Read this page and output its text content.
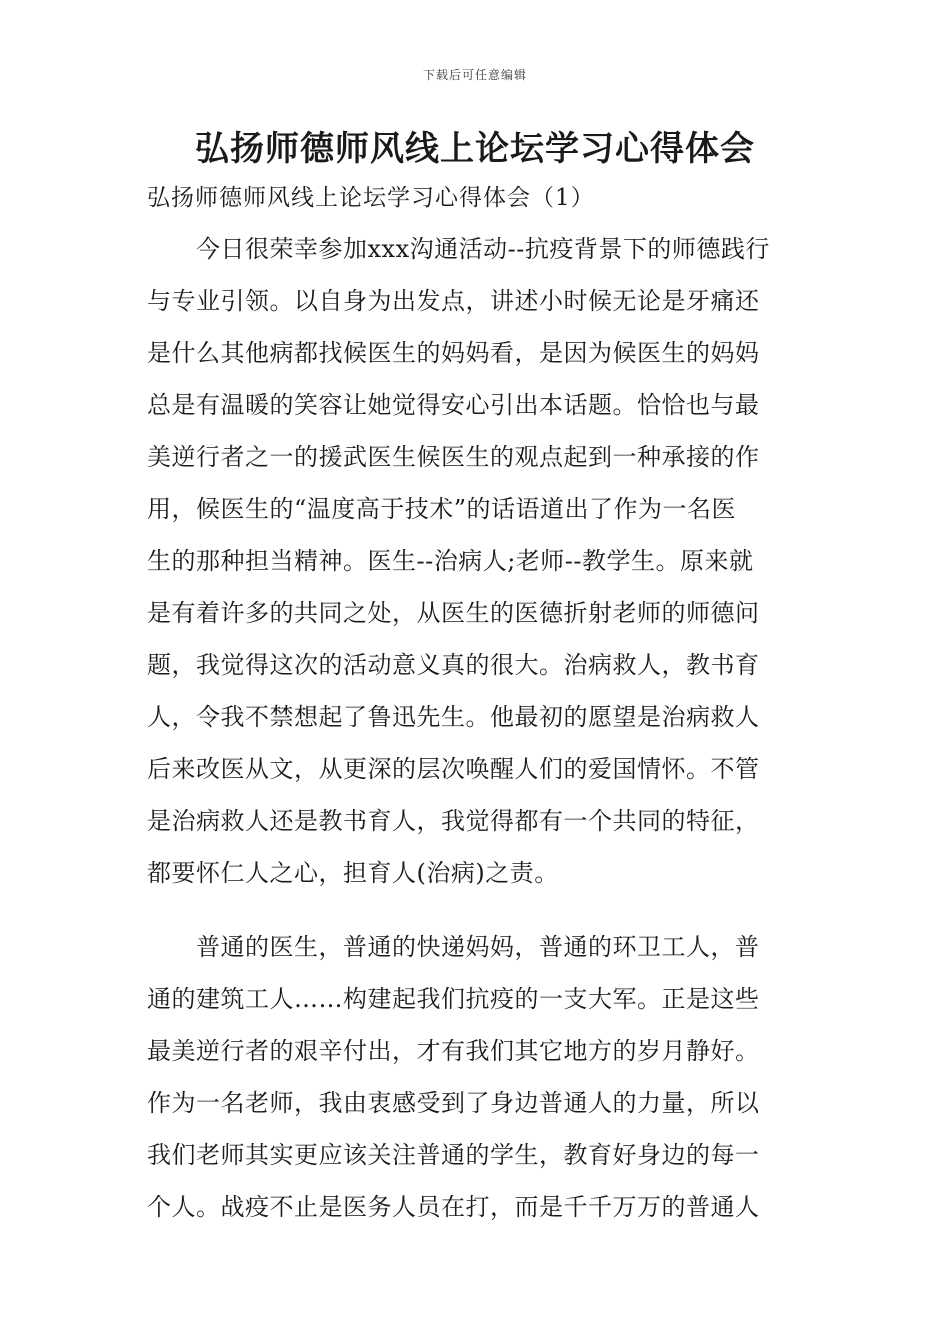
下载后可任意编辑
弘扬师德师风线上论坛学习心得体会
弘扬师德师风线上论坛学习心得体会（1）
　　今日很荣幸参加xxx沟通活动--抗疫背景下的师德践行
与专业引领。以自身为出发点，讲述小时候无论是牙痛还
是什么其他病都找候医生的妈妈看，是因为候医生的妈妈
总是有温暖的笑容让她觉得安心引出本话题。恰恰也与最
美逆行者之一的援武医生候医生的观点起到一种承接的作
用，候医生的“温度高于技术”的话语道出了作为一名医
生的那种担当精神。医生--治病人;老师--教学生。原来就
是有着许多的共同之处，从医生的医德折射老师的师德问
题，我觉得这次的活动意义真的很大。治病救人，教书育
人，令我不禁想起了鲁迅先生。他最初的愿望是治病救人
后来改医从文，从更深的层次唤醒人们的爱国情怀。不管
是治病救人还是教书育人，我觉得都有一个共同的特征，
都要怀仁人之心，担育人(治病)之责。
　　普通的医生，普通的快递妈妈，普通的环卫工人，普
通的建筑工人……构建起我们抗疫的一支大军。正是这些
最美逆行者的艰辛付出，才有我们其它地方的岁月静好。
作为一名老师，我由衷感受到了身边普通人的力量，所以
我们老师其实更应该关注普通的学生，教育好身边的每一
个人。战疫不止是医务人员在打，而是千千万万的普通人
